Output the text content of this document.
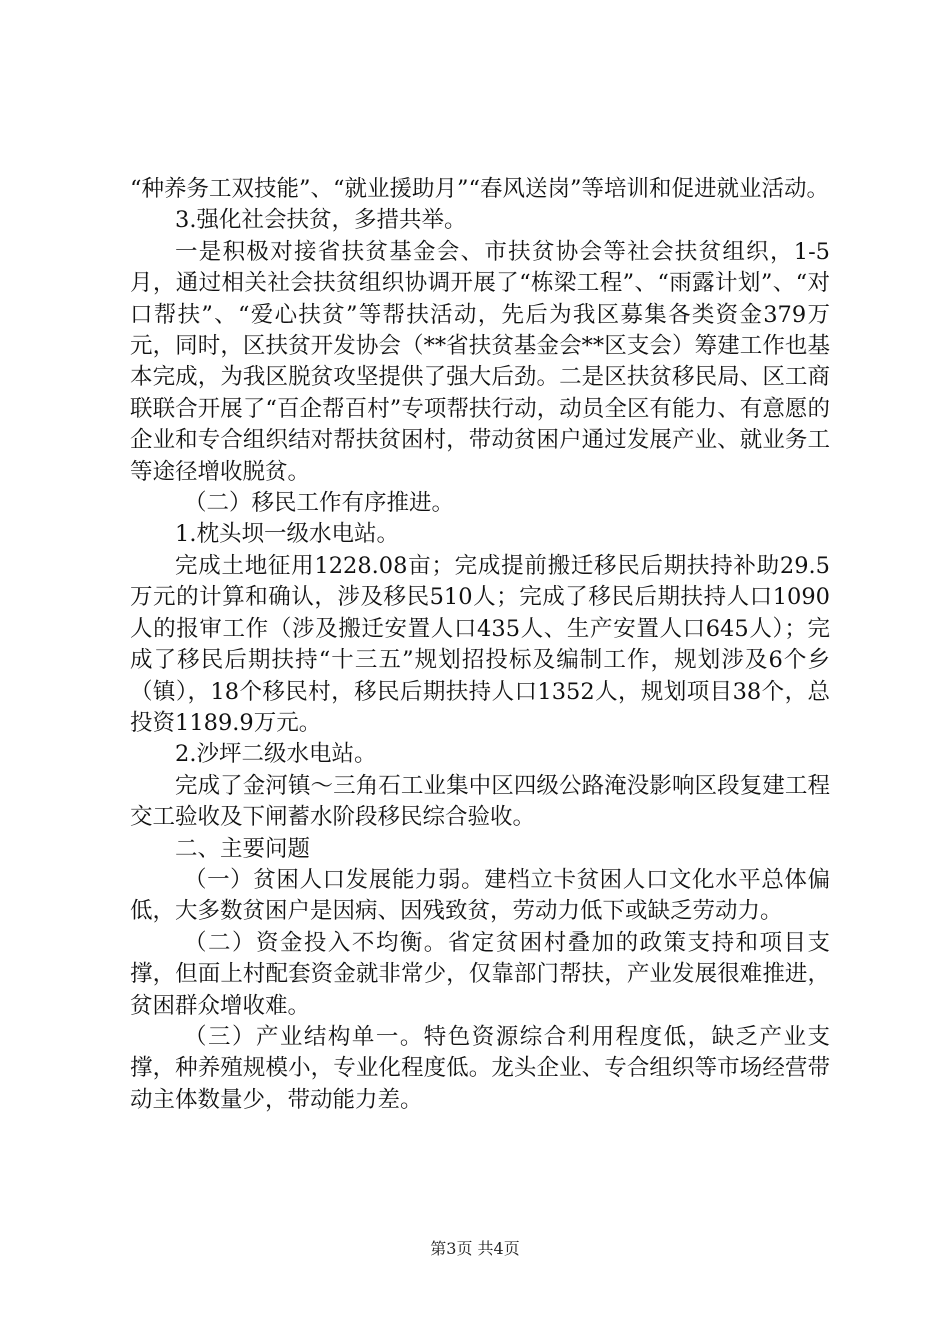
“种养务工双技能”、“就业援助月”“春风送岗”等培训和促进就业活动。

3.强化社会扶贫，多措共举。

一是积极对接省扶贫基金会、市扶贫协会等社会扶贫组织，1-5月，通过相关社会扶贫组织协调开展了“栋梁工程”、“雨露计划”、“对口帮扶”、“爱心扶贫”等帮扶活动，先后为我区募集各类资金379万元，同时，区扶贫开发协会（**省扶贫基金会**区支会）筹建工作也基本完成，为我区脱贫攻坚提供了强大后劲。二是区扶贫移民局、区工商联联合开展了“百企帮百村”专项帮扶行动，动员全区有能力、有意愿的企业和专合组织结对帮扶贫困村，带动贫困户通过发展产业、就业务工等途径增收脱贫。

（二）移民工作有序推进。

1.枕头坝一级水电站。

完成土地征用1228.08亩；完成提前搬迁移民后期扶持补助29.5万元的计算和确认，涉及移民510人；完成了移民后期扶持人口1090人的报审工作（涉及搬迁安置人口435人、生产安置人口645人）；完成了移民后期扶持“十三五”规划招投标及编制工作，规划涉及6个乡（镇），18个移民村，移民后期扶持人口1352人，规划项目38个，总投资1189.9万元。

2.沙坪二级水电站。

完成了金河镇～三角石工业集中区四级公路淹没影响区段复建工程交工验收及下闸蓄水阶段移民综合验收。

二、主要问题

（一）贫困人口发展能力弱。建档立卡贫困人口文化水平总体偏低，大多数贫困户是因病、因残致贫，劳动力低下或缺乏劳动力。

（二）资金投入不均衡。省定贫困村叠加的政策支持和项目支撑，但面上村配套资金就非常少，仅靠部门帮扶，产业发展很难推进，贫困群众增收难。

（三）产业结构单一。特色资源综合利用程度低，缺乏产业支撑，种养殖规模小，专业化程度低。龙头企业、专合组织等市场经营带动主体数量少，带动能力差。

第3页 共4页
